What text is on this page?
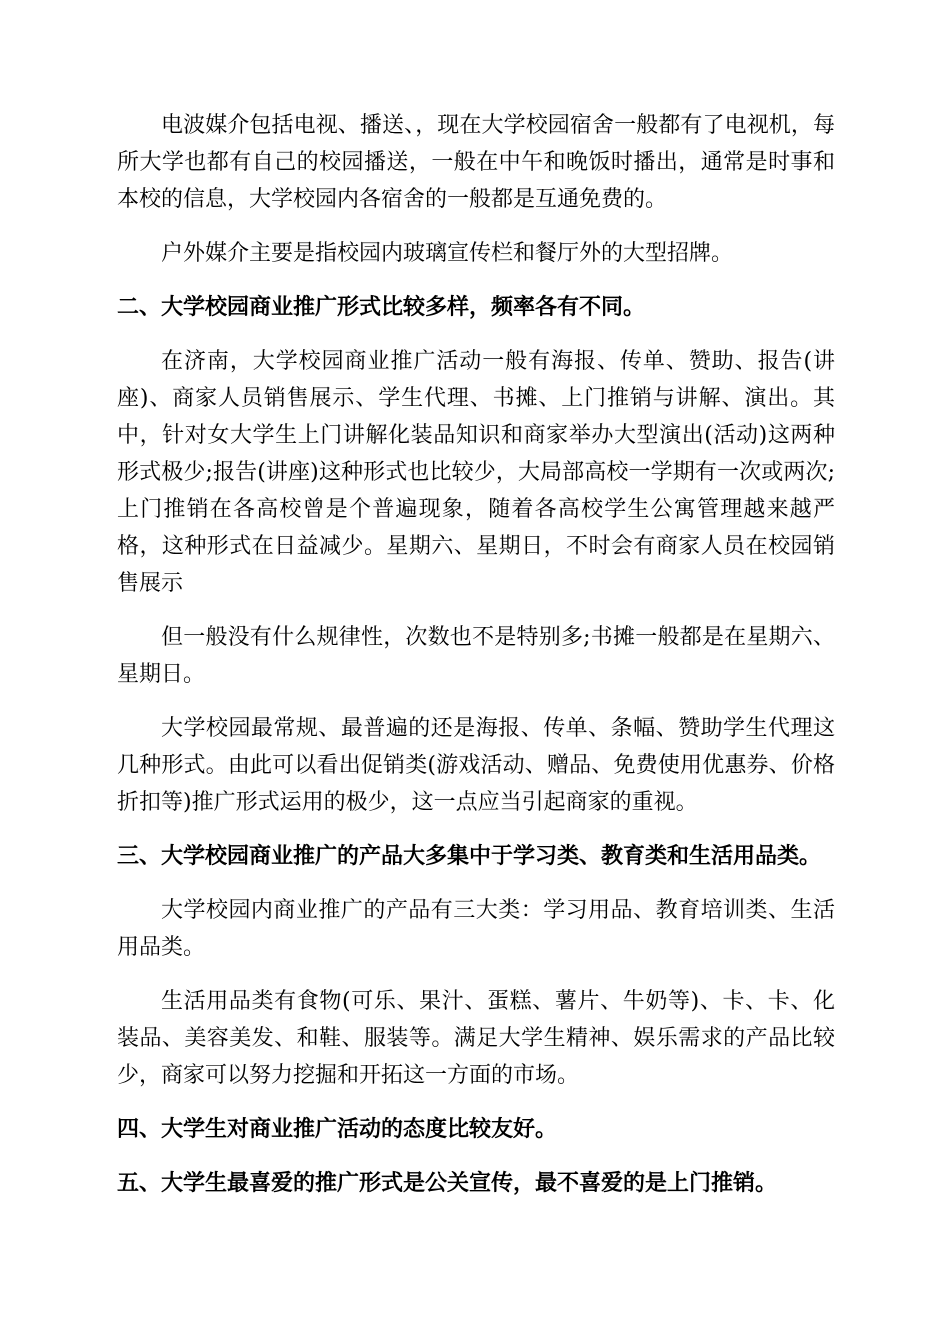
电波媒介包括电视、播送、，现在大学校园宿舍一般都有了电视机，每所大学也都有自己的校园播送，一般在中午和晚饭时播出，通常是时事和本校的信息，大学校园内各宿舍的一般都是互通免费的。

户外媒介主要是指校园内玻璃宣传栏和餐厅外的大型招牌。

二、大学校园商业推广形式比较多样，频率各有不同。

在济南，大学校园商业推广活动一般有海报、传单、赞助、报告(讲座)、商家人员销售展示、学生代理、书摊、上门推销与讲解、演出。其中，针对女大学生上门讲解化装品知识和商家举办大型演出(活动)这两种形式极少;报告(讲座)这种形式也比较少，大局部高校一学期有一次或两次;上门推销在各高校曾是个普遍现象，随着各高校学生公寓管理越来越严格，这种形式在日益减少。星期六、星期日，不时会有商家人员在校园销售展示

但一般没有什么规律性，次数也不是特别多;书摊一般都是在星期六、星期日。

大学校园最常规、最普遍的还是海报、传单、条幅、赞助学生代理这几种形式。由此可以看出促销类(游戏活动、赠品、免费使用优惠券、价格折扣等)推广形式运用的极少，这一点应当引起商家的重视。

三、大学校园商业推广的产品大多集中于学习类、教育类和生活用品类。

大学校园内商业推广的产品有三大类：学习用品、教育培训类、生活用品类。

生活用品类有食物(可乐、果汁、蛋糕、薯片、牛奶等)、卡、卡、化装品、美容美发、和鞋、服装等。满足大学生精神、娱乐需求的产品比较少，商家可以努力挖掘和开拓这一方面的市场。

四、大学生对商业推广活动的态度比较友好。

五、大学生最喜爱的推广形式是公关宣传，最不喜爱的是上门推销。
